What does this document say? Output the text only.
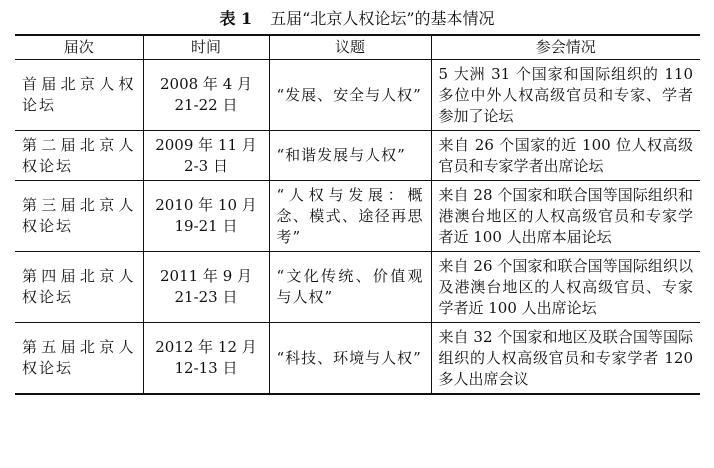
表 1 五届“北京人权论坛”的基本情况
届次	时间	议题	参会情况
首届北京人权论坛	2008 年 4 月 21-22 日	“发展、安全与人权”	5 大洲 31 个国家和国际组织的 110 多位中外人权高级官员和专家、学者参加了论坛
第二届北京人权论坛	2009 年 11 月 2-3 日	“和谐发展与人权”	来自 26 个国家的近 100 位人权高级官员和专家学者出席论坛
第三届北京人权论坛	2010 年 10 月 19-21 日	“人权与发展：概念、模式、途径再思考”	来自 28 个国家和联合国等国际组织和港澳台地区的人权高级官员和专家学者近 100 人出席本届论坛
第四届北京人权论坛	2011 年 9 月 21-23 日	“文化传统、价值观与人权”	来自 26 个国家和联合国等国际组织以及港澳台地区的人权高级官员、专家学者近 100 人出席论坛
第五届北京人权论坛	2012 年 12 月 12-13 日	“科技、环境与人权”	来自 32 个国家和地区及联合国等国际组织的人权高级官员和专家学者 120 多人出席会议
